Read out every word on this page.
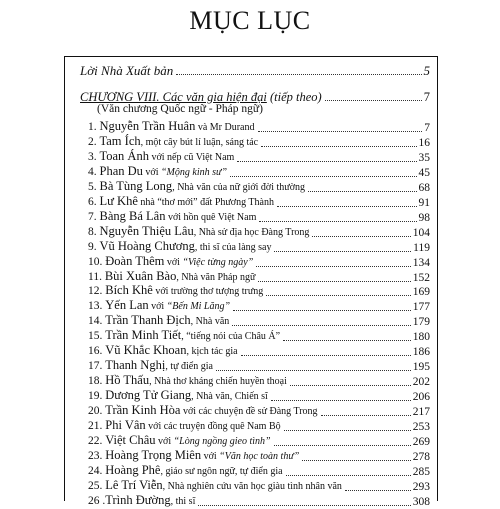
MỤC LỤC
Lời Nhà Xuất bản	5
CHƯƠNG VIII. Các văn gia hiện đại (tiếp theo)	7
(Văn chương Quốc ngữ - Pháp ngữ)
1. Nguyễn Trần Huân và Mr Durand	7
2. Tam Ích, một cây bút lí luận, sáng tác	16
3. Toan Ánh với nếp cũ Việt Nam	35
4. Phan Du với “Mộng kinh sư”	45
5. Bà Tùng Long, Nhà văn của nữ giới đời thường	68
6. Lư Khê nhà “thơ mới” đất Phương Thành	91
7. Bàng Bá Lân với hồn quê Việt Nam	98
8. Nguyễn Thiệu Lâu, Nhà sử địa học Đàng Trong	104
9. Vũ Hoàng Chương, thi sĩ của làng say	119
10. Đoàn Thêm với “Việc từng ngày”	134
11. Bùi Xuân Bào, Nhà văn Pháp ngữ	152
12. Bích Khê với trường thơ tượng trưng	169
13. Yến Lan với “Bến Mi Lăng”	177
14. Trần Thanh Địch, Nhà văn	179
15. Trần Minh Tiết, “tiếng nói của Châu Á”	180
16. Vũ Khắc Khoan, kịch tác gia	186
17. Thanh Nghị, tự điển gia	195
18. Hồ Thấu, Nhà thơ kháng chiến huyền thoại	202
19. Dương Tử Giang, Nhà văn, Chiến sĩ	206
20. Trần Kinh Hòa với các chuyện đề sử Đàng Trong	217
21. Phi Vân với các truyện đồng quê Nam Bộ	253
22. Việt Châu với “Lòng ngồng gieo tình”	269
23. Hoàng Trọng Miên với “Văn học toàn thư”	278
24. Hoàng Phê, giáo sư ngôn ngữ, tự điển gia	285
25. Lê Trí Viễn, Nhà nghiên cứu văn học giàu tình nhân văn	293
26 .Trình Đường, thi sĩ	308
